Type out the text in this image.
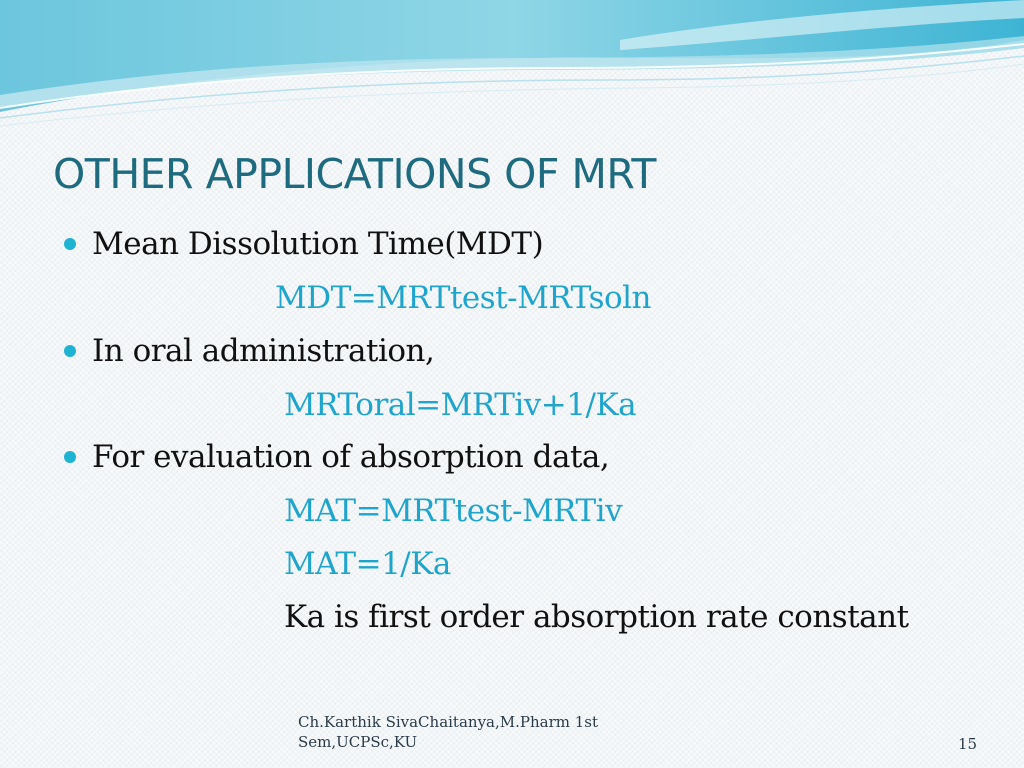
OTHER APPLICATIONS OF MRT
Mean Dissolution Time(MDT)
MDT=MRTtest-MRTsoln
In oral administration,
MRToral=MRTiv+1/Ka
For evaluation of absorption data,
MAT=MRTtest-MRTiv
MAT=1/Ka
Ka is first order absorption rate constant
Ch.Karthik SivaChaitanya,M.Pharm 1st Sem,UCPSc,KU	15
